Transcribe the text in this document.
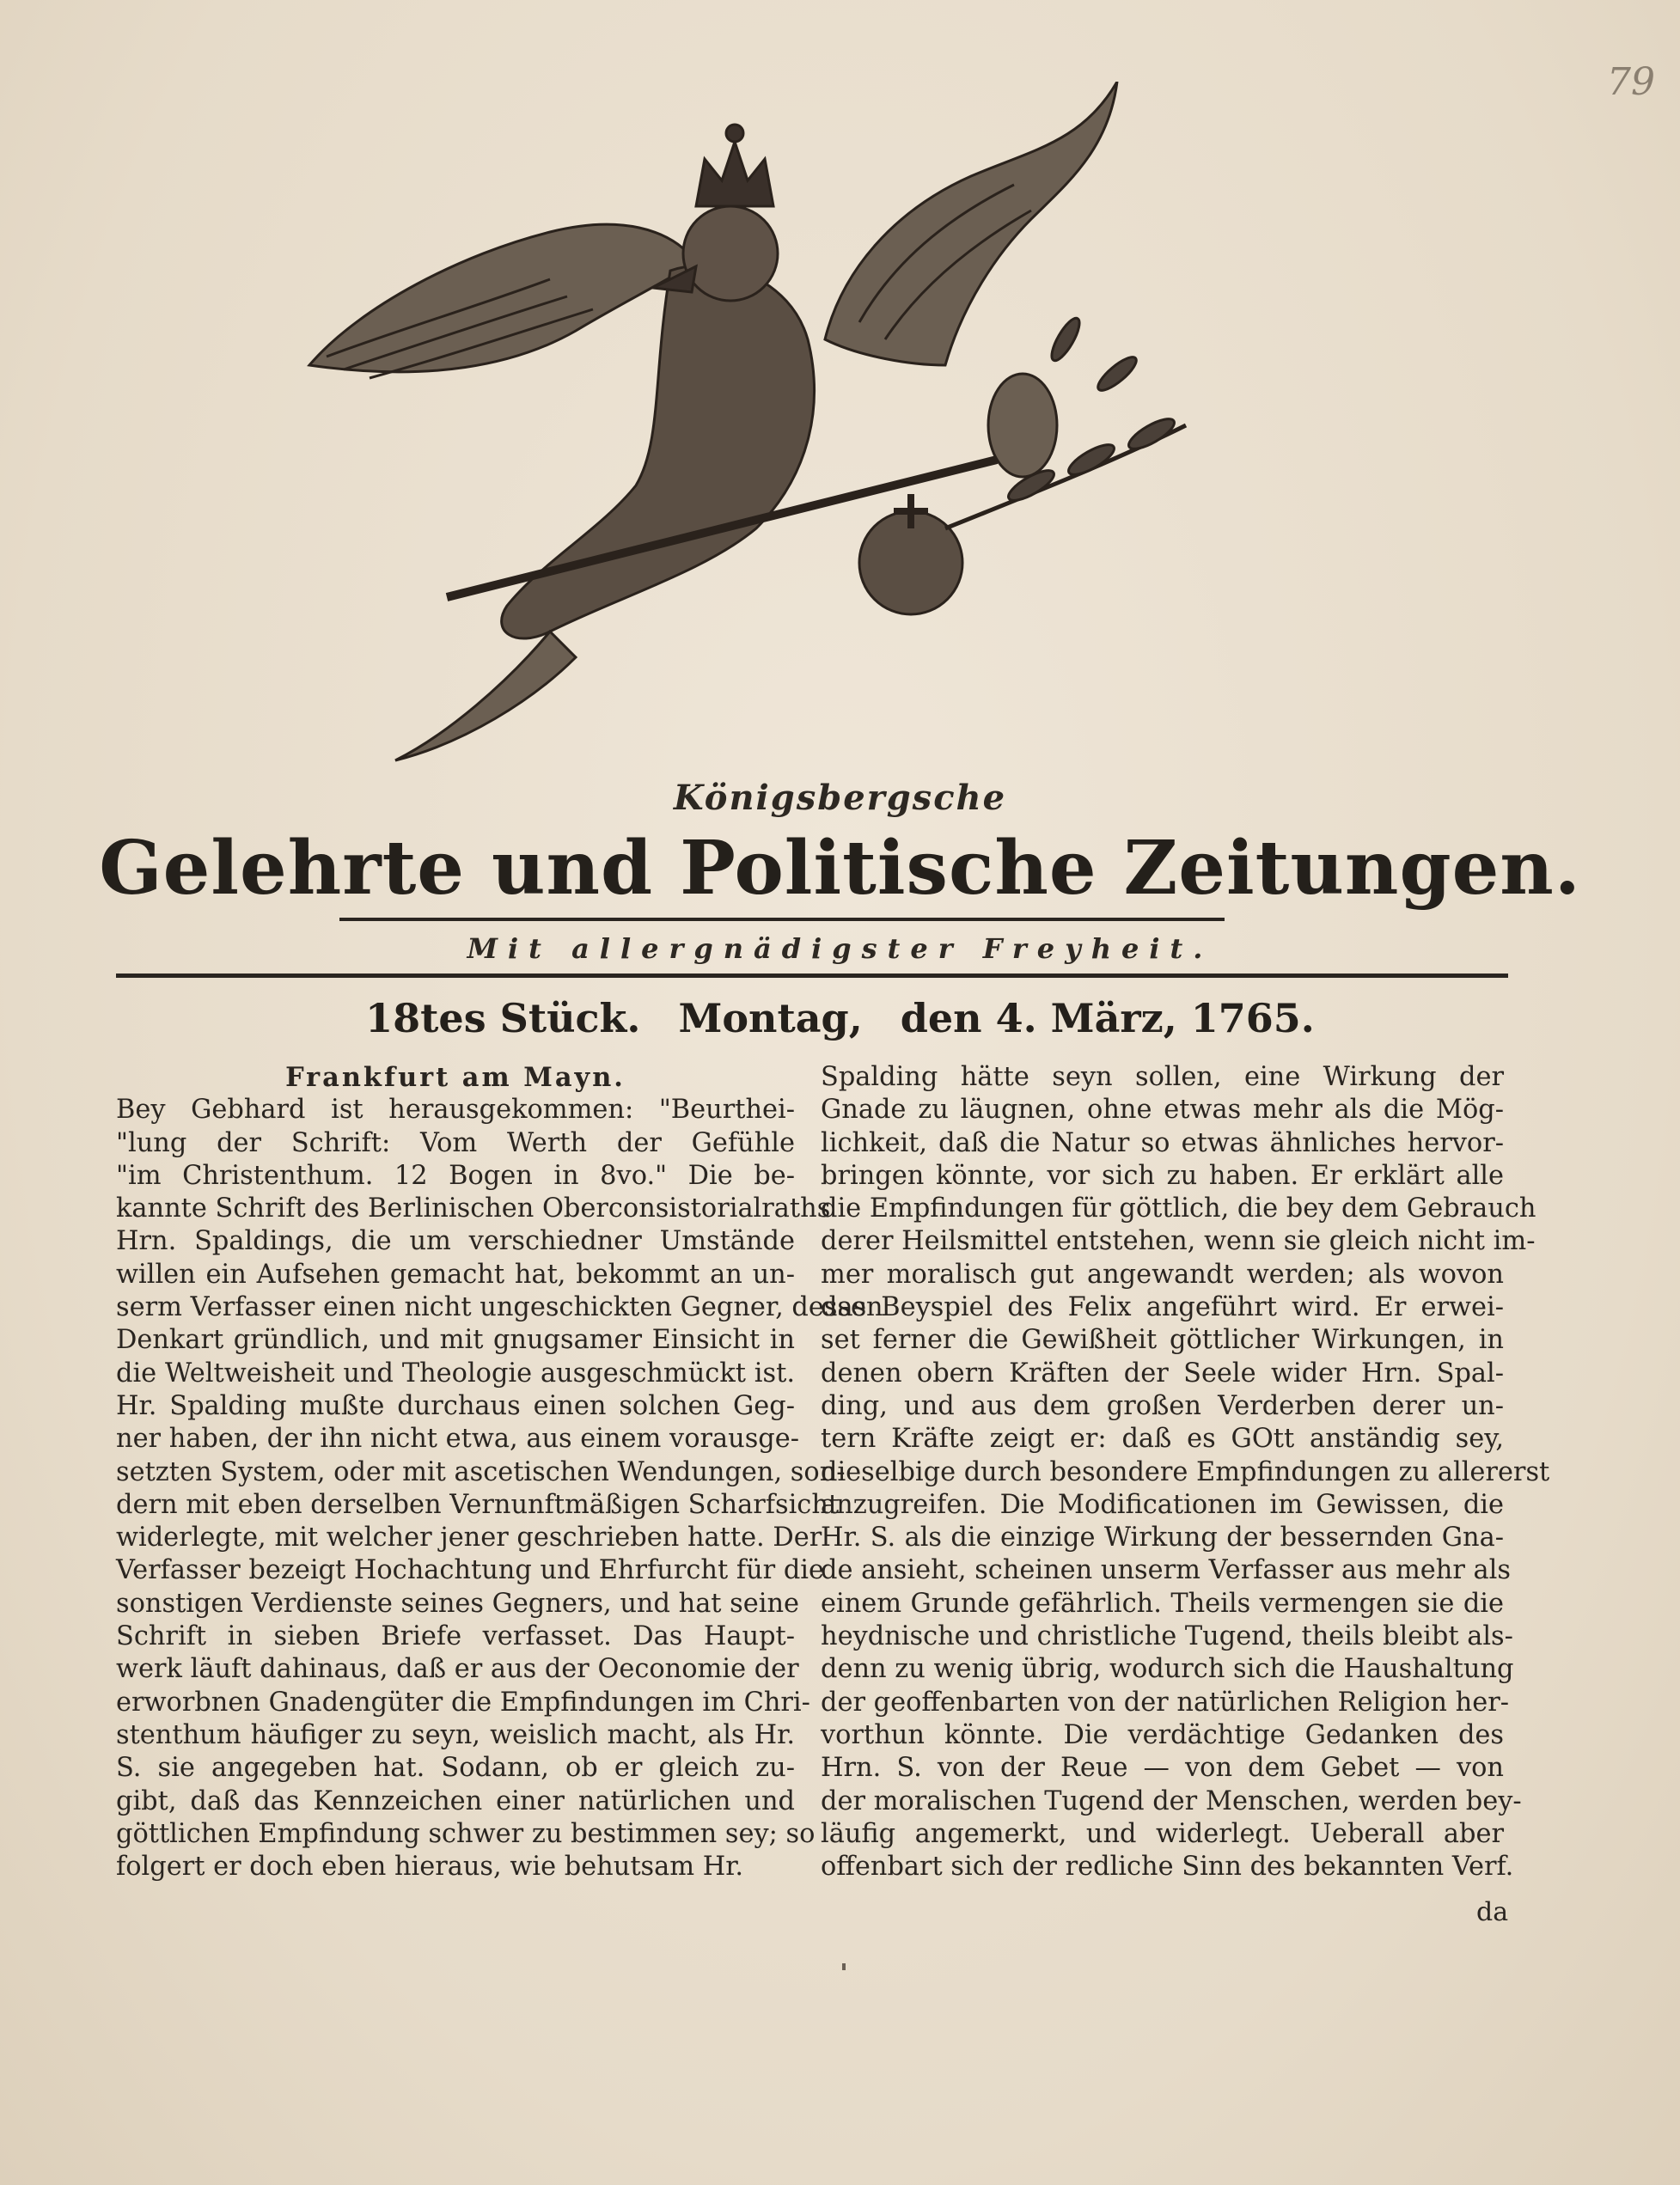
79
Königsbergsche
Gelehrte und Politische Zeitungen.
Mit allergnädigster Freyheit.
18tes Stück. Montag, den 4. März, 1765.
Frankfurt am Mayn.
Bey Gebhard ist herausgekommen: "Beurthei-
"lung der Schrift: Vom Werth der Gefühle
"im Christenthum. 12 Bogen in 8vo." Die be-
kannte Schrift des Berlinischen Oberconsistorialraths
Hrn. Spaldings, die um verschiedner Umstände
willen ein Aufsehen gemacht hat, bekommt an un-
serm Verfasser einen nicht ungeschickten Gegner, dessen
Denkart gründlich, und mit gnugsamer Einsicht in
die Weltweisheit und Theologie ausgeschmückt ist.
Hr. Spalding mußte durchaus einen solchen Geg-
ner haben, der ihn nicht etwa, aus einem vorausge-
setzten System, oder mit ascetischen Wendungen, son-
dern mit eben derselben Vernunftmäßigen Scharfsicht
widerlegte, mit welcher jener geschrieben hatte. Der
Verfasser bezeigt Hochachtung und Ehrfurcht für die
sonstigen Verdienste seines Gegners, und hat seine
Schrift in sieben Briefe verfasset. Das Haupt-
werk läuft dahinaus, daß er aus der Oeconomie der
erworbnen Gnadengüter die Empfindungen im Chri-
stenthum häufiger zu seyn, weislich macht, als Hr.
S. sie angegeben hat. Sodann, ob er gleich zu-
gibt, daß das Kennzeichen einer natürlichen und
göttlichen Empfindung schwer zu bestimmen sey; so
folgert er doch eben hieraus, wie behutsam Hr.
Spalding hätte seyn sollen, eine Wirkung der
Gnade zu läugnen, ohne etwas mehr als die Mög-
lichkeit, daß die Natur so etwas ähnliches hervor-
bringen könnte, vor sich zu haben. Er erklärt alle
die Empfindungen für göttlich, die bey dem Gebrauch
derer Heilsmittel entstehen, wenn sie gleich nicht im-
mer moralisch gut angewandt werden; als wovon
das Beyspiel des Felix angeführt wird. Er erwei-
set ferner die Gewißheit göttlicher Wirkungen, in
denen obern Kräften der Seele wider Hrn. Spal-
ding, und aus dem großen Verderben derer un-
tern Kräfte zeigt er: daß es GOtt anständig sey,
dieselbige durch besondere Empfindungen zu allererst
anzugreifen. Die Modificationen im Gewissen, die
Hr. S. als die einzige Wirkung der bessernden Gna-
de ansieht, scheinen unserm Verfasser aus mehr als
einem Grunde gefährlich. Theils vermengen sie die
heydnische und christliche Tugend, theils bleibt als-
denn zu wenig übrig, wodurch sich die Haushaltung
der geoffenbarten von der natürlichen Religion her-
vorthun könnte. Die verdächtige Gedanken des
Hrn. S. von der Reue — von dem Gebet — von
der moralischen Tugend der Menschen, werden bey-
läufig angemerkt, und widerlegt. Ueberall aber
offenbart sich der redliche Sinn des bekannten Verf.
da
